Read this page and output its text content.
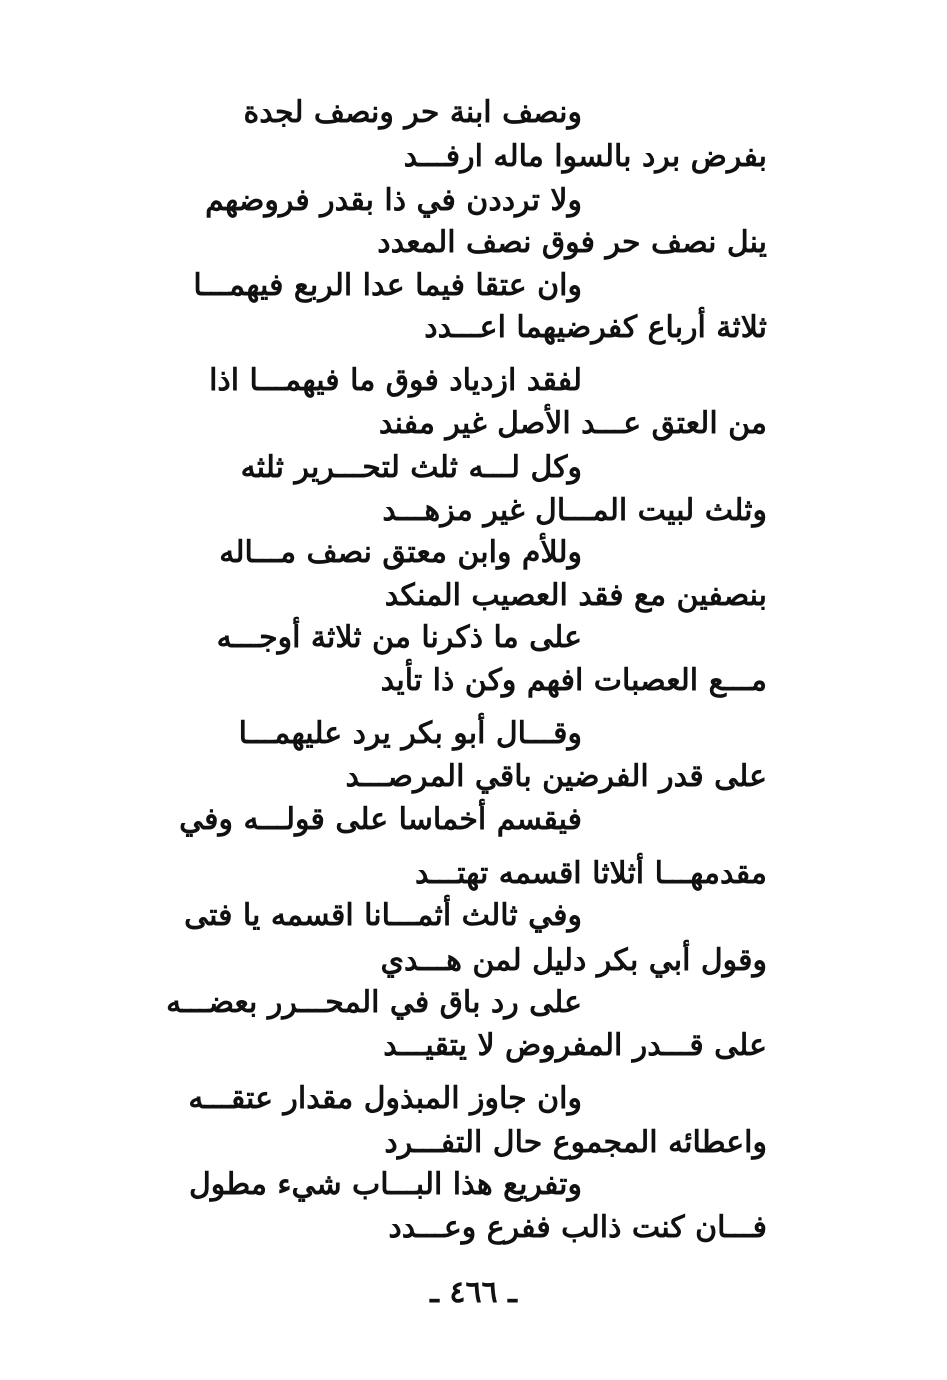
ونصف ابنة حر ونصف لجدة
بفرض برد بالسوا ماله ارفـــد
ولا ترددن في ذا بقدر فروضهم
ينل نصف حر فوق نصف المعدد
وان عتقا فيما عدا الربع فيهمـــا
ثلاثة أرباع كفرضيهما اعـــدد
لفقد ازدياد فوق ما فيهمـــا اذا
من العتق عـــد الأصل غير مفند
وكل لـــه ثلث لتحـــرير ثلثه
وثلث لبيت المـــال غير مزهـــد
وللأم وابن معتق نصف مـــاله
بنصفين مع فقد العصيب المنكد
على ما ذكرنا من ثلاثة أوجـــه
مـــع العصبات افهم وكن ذا تأيد
وقـــال أبو بكر يرد عليهمـــا
على قدر الفرضين باقي المرصـــد
فيقسم أخماسا على قولـــه وفي
مقدمهـــا أثلاثا اقسمه تهتـــد
وفي ثالث أثمـــانا اقسمه يا فتى
وقول أبي بكر دليل لمن هـــدي
على رد باق في المحـــرر بعضـــه
على قـــدر المفروض لا يتقيـــد
وان جاوز المبذول مقدار عتقـــه
واعطائه المجموع حال التفـــرد
وتفريع هذا البـــاب شيء مطول
فـــان كنت ذالب ففرع وعـــدد
ـ ٤٦٦ ـ
